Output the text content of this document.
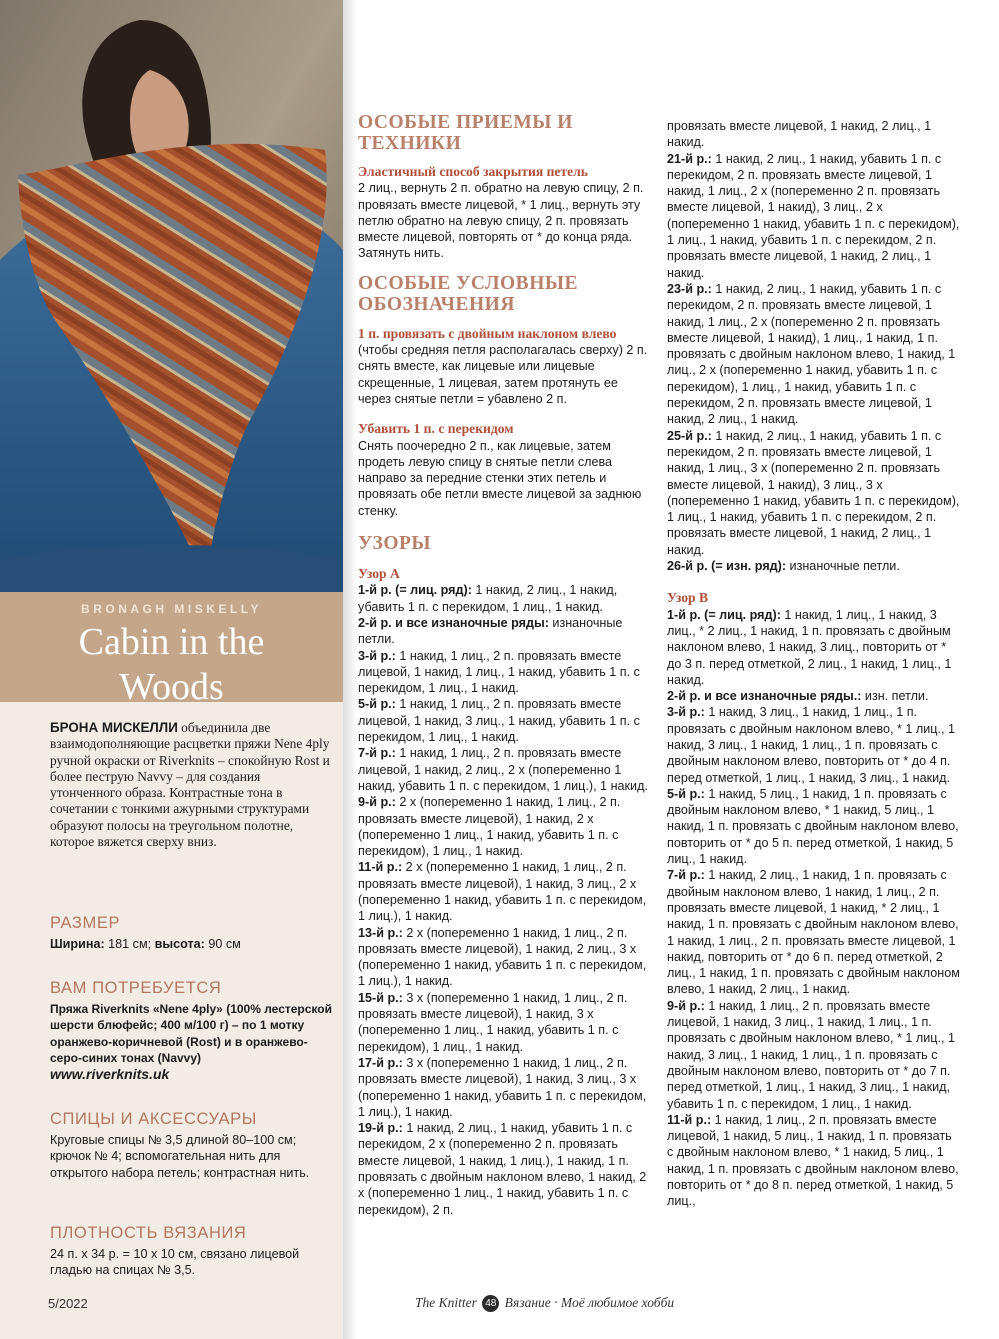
BRONAGH MISKELLY
Cabin in the
Woods
БРОНА МИСКЕЛЛИ объединила две взаимодополняющие расцветки пряжи Nene 4ply ручной окраски от Riverknits – спокойную Rost и более пеструю Navvy – для создания утонченного образа. Контрастные тона в сочетании с тонкими ажурными структурами образуют полосы на треугольном полотне, которое вяжется сверху вниз.
РАЗМЕР
Ширина: 181 см; высота: 90 см
ВАМ ПОТРЕБУЕТСЯ
Пряжа Riverknits «Nene 4ply» (100% лестерской шерсти блюфейс; 400 м/100 г) – по 1 мотку оранжево-коричневой (Rost) и в оранжево-серо-синих тонах (Navvy)
www.riverknits.uk
СПИЦЫ И АКСЕССУАРЫ
Круговые спицы № 3,5 длиной 80–100 см; крючок № 4; вспомогательная нить для открытого набора петель; контрастная нить.
ПЛОТНОСТЬ ВЯЗАНИЯ
24 п. x 34 р. = 10 x 10 см, связано лицевой гладью на спицах № 3,5.
ОСОБЫЕ ПРИЕМЫ И ТЕХНИКИ
Эластичный способ закрытия петель

2 лиц., вернуть 2 п. обратно на левую спицу, 2 п. провязать вместе лицевой, * 1 лиц., вернуть эту петлю обратно на левую спицу, 2 п. провязать вместе лицевой, повторять от * до конца ряда. Затянуть нить.

ОСОБЫЕ УСЛОВНЫЕ ОБОЗНАЧЕНИЯ
1 п. провязать с двойным наклоном влево

(чтобы средняя петля располагалась сверху) 2 п. снять вместе, как лицевые или лицевые скрещенные, 1 лицевая, затем протянуть ее через снятые петли = убавлено 2 п.

Убавить 1 п. с перекидом

Снять поочередно 2 п., как лицевые, затем продеть левую спицу в снятые петли слева направо за передние стенки этих петель и провязать обе петли вместе лицевой за заднюю стенку.

УЗОРЫ
Узор А

1-й р. (= лиц. ряд): 1 накид, 2 лиц., 1 накид, убавить 1 п. с перекидом, 1 лиц., 1 накид.

2-й р. и все изнаночные ряды: изнаночные петли.

3-й р.: 1 накид, 1 лиц., 2 п. провязать вместе лицевой, 1 накид, 1 лиц., 1 накид, убавить 1 п. с перекидом, 1 лиц., 1 накид.

5-й р.: 1 накид, 1 лиц., 2 п. провязать вместе лицевой, 1 накид, 3 лиц., 1 накид, убавить 1 п. с перекидом, 1 лиц., 1 накид.

7-й р.: 1 накид, 1 лиц., 2 п. провязать вместе лицевой, 1 накид, 2 лиц., 2 x (попеременно 1 накид, убавить 1 п. с перекидом, 1 лиц.), 1 накид.

9-й р.: 2 x (попеременно 1 накид, 1 лиц., 2 п. провязать вместе лицевой), 1 накид, 2 x (попеременно 1 лиц., 1 накид, убавить 1 п. с перекидом), 1 лиц., 1 накид.

11-й р.: 2 x (попеременно 1 накид, 1 лиц., 2 п. провязать вместе лицевой), 1 накид, 3 лиц., 2 x (попеременно 1 накид, убавить 1 п. с перекидом, 1 лиц.), 1 накид.

13-й р.: 2 x (попеременно 1 накид, 1 лиц., 2 п. провязать вместе лицевой), 1 накид, 2 лиц., 3 x (попеременно 1 накид, убавить 1 п. с перекидом, 1 лиц.), 1 накид.

15-й р.: 3 x (попеременно 1 накид, 1 лиц., 2 п. провязать вместе лицевой), 1 накид, 3 x (попеременно 1 лиц., 1 накид, убавить 1 п. с перекидом), 1 лиц., 1 накид.

17-й р.: 3 x (попеременно 1 накид, 1 лиц., 2 п. провязать вместе лицевой), 1 накид, 3 лиц., 3 x (попеременно 1 накид, убавить 1 п. с перекидом, 1 лиц.), 1 накид.

19-й р.: 1 накид, 2 лиц., 1 накид, убавить 1 п. с перекидом, 2 x (попеременно 2 п. провязать вместе лицевой, 1 накид, 1 лиц.), 1 накид, 1 п. провязать с двойным наклоном влево, 1 накид, 2 x (попеременно 1 лиц., 1 накид, убавить 1 п. с перекидом), 2 п.

провязать вместе лицевой, 1 накид, 2 лиц., 1 накид.

21-й р.: 1 накид, 2 лиц., 1 накид, убавить 1 п. с перекидом, 2 п. провязать вместе лицевой, 1 накид, 1 лиц., 2 x (попеременно 2 п. провязать вместе лицевой, 1 накид), 3 лиц., 2 x (попеременно 1 накид, убавить 1 п. с перекидом), 1 лиц., 1 накид, убавить 1 п. с перекидом, 2 п. провязать вместе лицевой, 1 накид, 2 лиц., 1 накид.

23-й р.: 1 накид, 2 лиц., 1 накид, убавить 1 п. с перекидом, 2 п. провязать вместе лицевой, 1 накид, 1 лиц., 2 x (попеременно 2 п. провязать вместе лицевой, 1 накид), 1 лиц., 1 накид, 1 п. провязать с двойным наклоном влево, 1 накид, 1 лиц., 2 x (попеременно 1 накид, убавить 1 п. с перекидом), 1 лиц., 1 накид, убавить 1 п. с перекидом, 2 п. провязать вместе лицевой, 1 накид, 2 лиц., 1 накид.

25-й р.: 1 накид, 2 лиц., 1 накид, убавить 1 п. с перекидом, 2 п. провязать вместе лицевой, 1 накид, 1 лиц., 3 x (попеременно 2 п. провязать вместе лицевой, 1 накид), 3 лиц., 3 x (попеременно 1 накид, убавить 1 п. с перекидом), 1 лиц., 1 накид, убавить 1 п. с перекидом, 2 п. провязать вместе лицевой, 1 накид, 2 лиц., 1 накид.

26-й р. (= изн. ряд): изнаночные петли.

Узор В

1-й р. (= лиц. ряд): 1 накид, 1 лиц., 1 накид, 3 лиц., * 2 лиц., 1 накид, 1 п. провязать с двойным наклоном влево, 1 накид, 3 лиц., повторить от * до 3 п. перед отметкой, 2 лиц., 1 накид, 1 лиц., 1 накид.

2-й р. и все изнаночные ряды.: изн. петли.

3-й р.: 1 накид, 3 лиц., 1 накид, 1 лиц., 1 п. провязать с двойным наклоном влево, * 1 лиц., 1 накид, 3 лиц., 1 накид, 1 лиц., 1 п. провязать с двойным наклоном влево, повторить от * до 4 п. перед отметкой, 1 лиц., 1 накид, 3 лиц., 1 накид.

5-й р.: 1 накид, 5 лиц., 1 накид, 1 п. провязать с двойным наклоном влево, * 1 накид, 5 лиц., 1 накид, 1 п. провязать с двойным наклоном влево, повторить от * до 5 п. перед отметкой, 1 накид, 5 лиц., 1 накид.

7-й р.: 1 накид, 2 лиц., 1 накид, 1 п. провязать с двойным наклоном влево, 1 накид, 1 лиц., 2 п. провязать вместе лицевой, 1 накид, * 2 лиц., 1 накид, 1 п. провязать с двойным наклоном влево, 1 накид, 1 лиц., 2 п. провязать вместе лицевой, 1 накид, повторить от * до 6 п. перед отметкой, 2 лиц., 1 накид, 1 п. провязать с двойным наклоном влево, 1 накид, 2 лиц., 1 накид.

9-й р.: 1 накид, 1 лиц., 2 п. провязать вместе лицевой, 1 накид, 3 лиц., 1 накид, 1 лиц., 1 п. провязать с двойным наклоном влево, * 1 лиц., 1 накид, 3 лиц., 1 накид, 1 лиц., 1 п. провязать с двойным наклоном влево, повторить от * до 7 п. перед отметкой, 1 лиц., 1 накид, 3 лиц., 1 накид, убавить 1 п. с перекидом, 1 лиц., 1 накид.

11-й р.: 1 накид, 1 лиц., 2 п. провязать вместе лицевой, 1 накид, 5 лиц., 1 накид, 1 п. провязать с двойным наклоном влево, * 1 накид, 5 лиц., 1 накид, 1 п. провязать с двойным наклоном влево, повторить от * до 8 п. перед отметкой, 1 накид, 5 лиц.,

5/2022	The Knitter 48 Вязание · Моё любимое хобби
